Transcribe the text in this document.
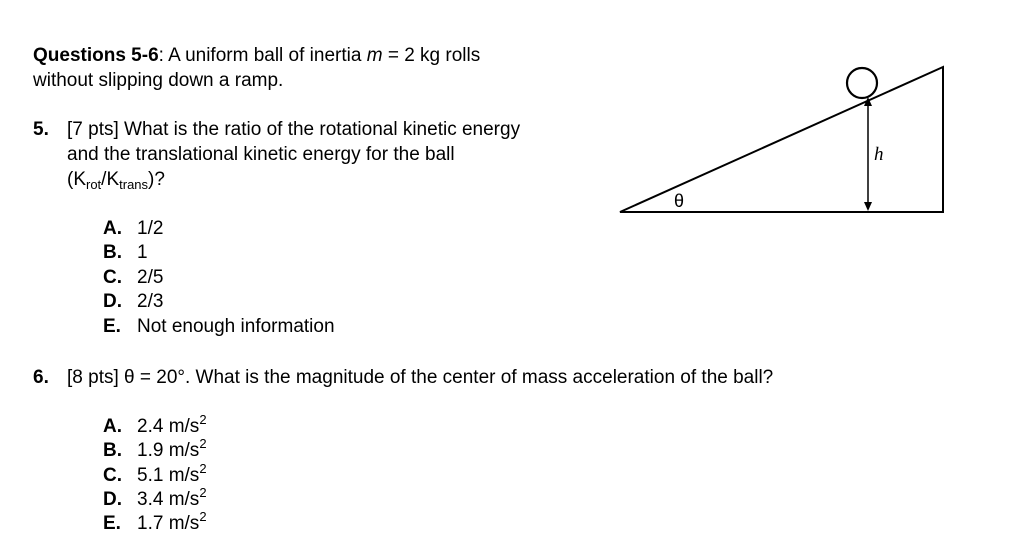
Questions 5-6: A uniform ball of inertia m = 2 kg rolls
without slipping down a ramp.
5. [7 pts] What is the ratio of the rotational kinetic energy
and the translational kinetic energy for the ball
$(K_{rot}/K_{trans})$?
A. 1/2
B. 1
C. 2/5
D. 2/3
E. Not enough information
6. [8 pts] θ = 20°. What is the magnitude of the center of mass acceleration of the ball?
A. 2.4 $m/s^2$
B. 1.9 $m/s^2$
C. 5.1 $m/s^2$
D. 3.4 $m/s^2$
E. 1.7 $m/s^2$
h
θ
